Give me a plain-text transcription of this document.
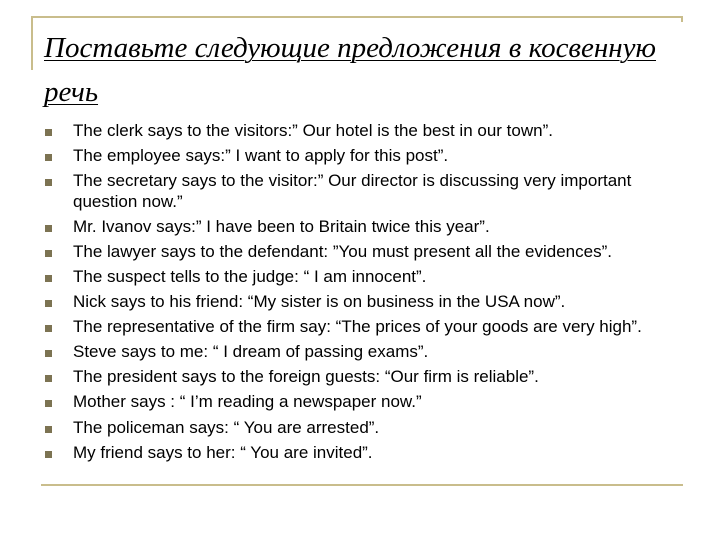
Поставьте следующие предложения в косвенную речь
The clerk says to the visitors:” Our hotel is the best in our town”.
The employee says:” I want to apply for this post”.
The secretary says to the visitor:” Our director is discussing very important question now.”
Mr. Ivanov says:” I have been to Britain twice this year”.
The lawyer says to the defendant: ”You must present all the evidences”.
The suspect tells to the judge: “ I am innocent”.
Nick says to his friend: “My sister is on business in the USA now”.
The representative of the firm say: “The prices of your goods are very high”.
Steve says to me: “ I dream of passing exams”.
The president says to the foreign guests: “Our firm is reliable”.
Mother says : “ I’m reading a newspaper now.”
The policeman says: “ You are arrested”.
My friend says to her: “ You are invited”.
